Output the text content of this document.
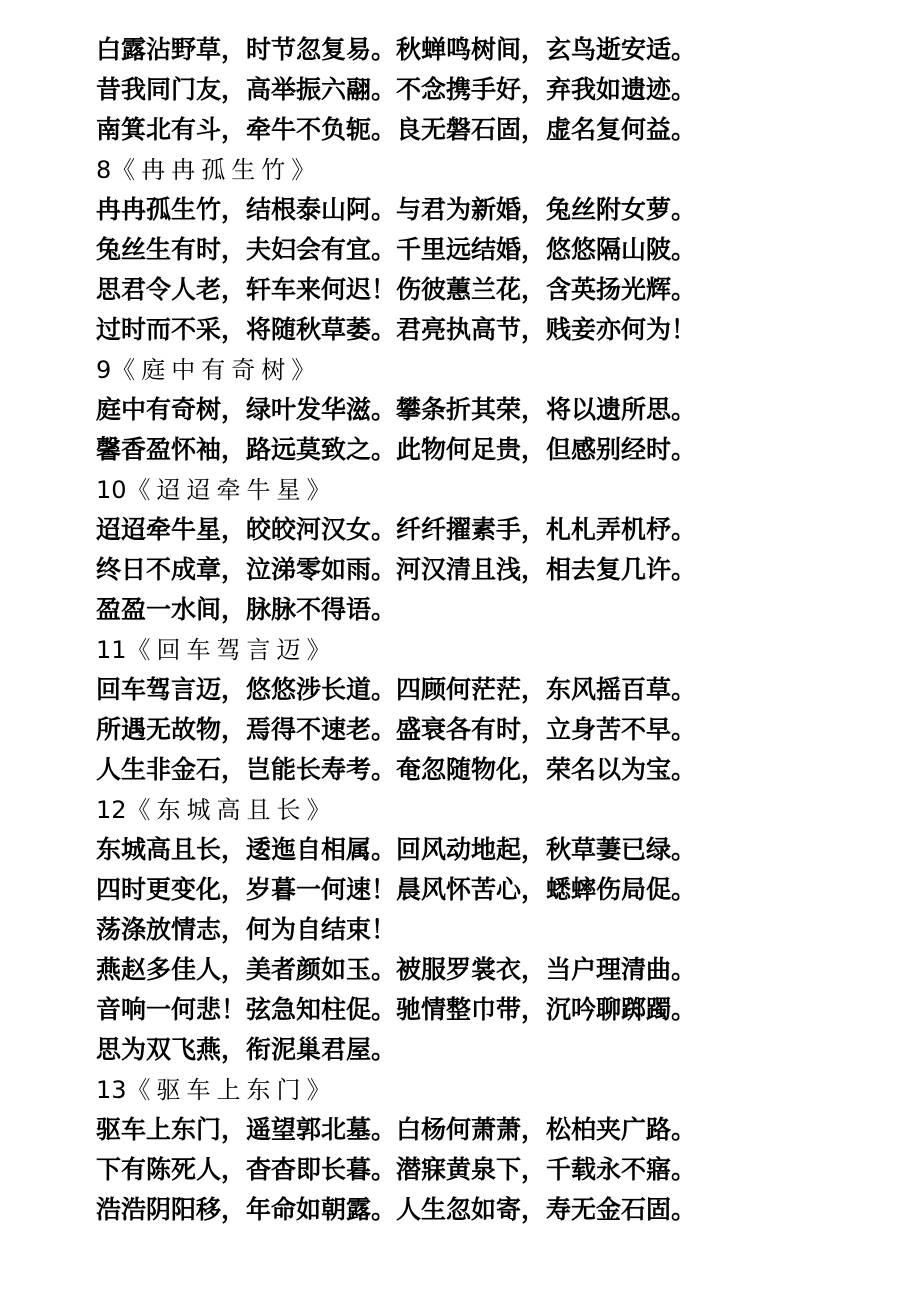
白露沾野草，时节忽复易。秋蝉鸣树间，玄鸟逝安适。
昔我同门友，高举振六翮。不念携手好，弃我如遗迹。
南箕北有斗，牵牛不负轭。良无磐石固，虚名复何益。
8《冉冉孤生竹》
冉冉孤生竹，结根泰山阿。与君为新婚，兔丝附女萝。
兔丝生有时，夫妇会有宜。千里远结婚，悠悠隔山陂。
思君令人老，轩车来何迟！伤彼蕙兰花，含英扬光辉。
过时而不采，将随秋草萎。君亮执高节，贱妾亦何为！
9《庭中有奇树》
庭中有奇树，绿叶发华滋。攀条折其荣，将以遗所思。
馨香盈怀袖，路远莫致之。此物何足贵，但感别经时。
10《迢迢牵牛星》
迢迢牵牛星，皎皎河汉女。纤纤擢素手，札札弄机杼。
终日不成章，泣涕零如雨。河汉清且浅，相去复几许。
盈盈一水间，脉脉不得语。
11《回车驾言迈》
回车驾言迈，悠悠涉长道。四顾何茫茫，东风摇百草。
所遇无故物，焉得不速老。盛衰各有时，立身苦不早。
人生非金石，岂能长寿考。奄忽随物化，荣名以为宝。
12《东城高且长》
东城高且长，逶迤自相属。回风动地起，秋草萋已绿。
四时更变化，岁暮一何速！晨风怀苦心，蟋蟀伤局促。
荡涤放情志，何为自结束！
燕赵多佳人，美者颜如玉。被服罗裳衣，当户理清曲。
音响一何悲！弦急知柱促。驰情整巾带，沉吟聊踯躅。
思为双飞燕，衔泥巢君屋。
13《驱车上东门》
驱车上东门，遥望郭北墓。白杨何萧萧，松柏夹广路。
下有陈死人，杳杳即长暮。潜寐黄泉下，千载永不寤。
浩浩阴阳移，年命如朝露。人生忽如寄，寿无金石固。
